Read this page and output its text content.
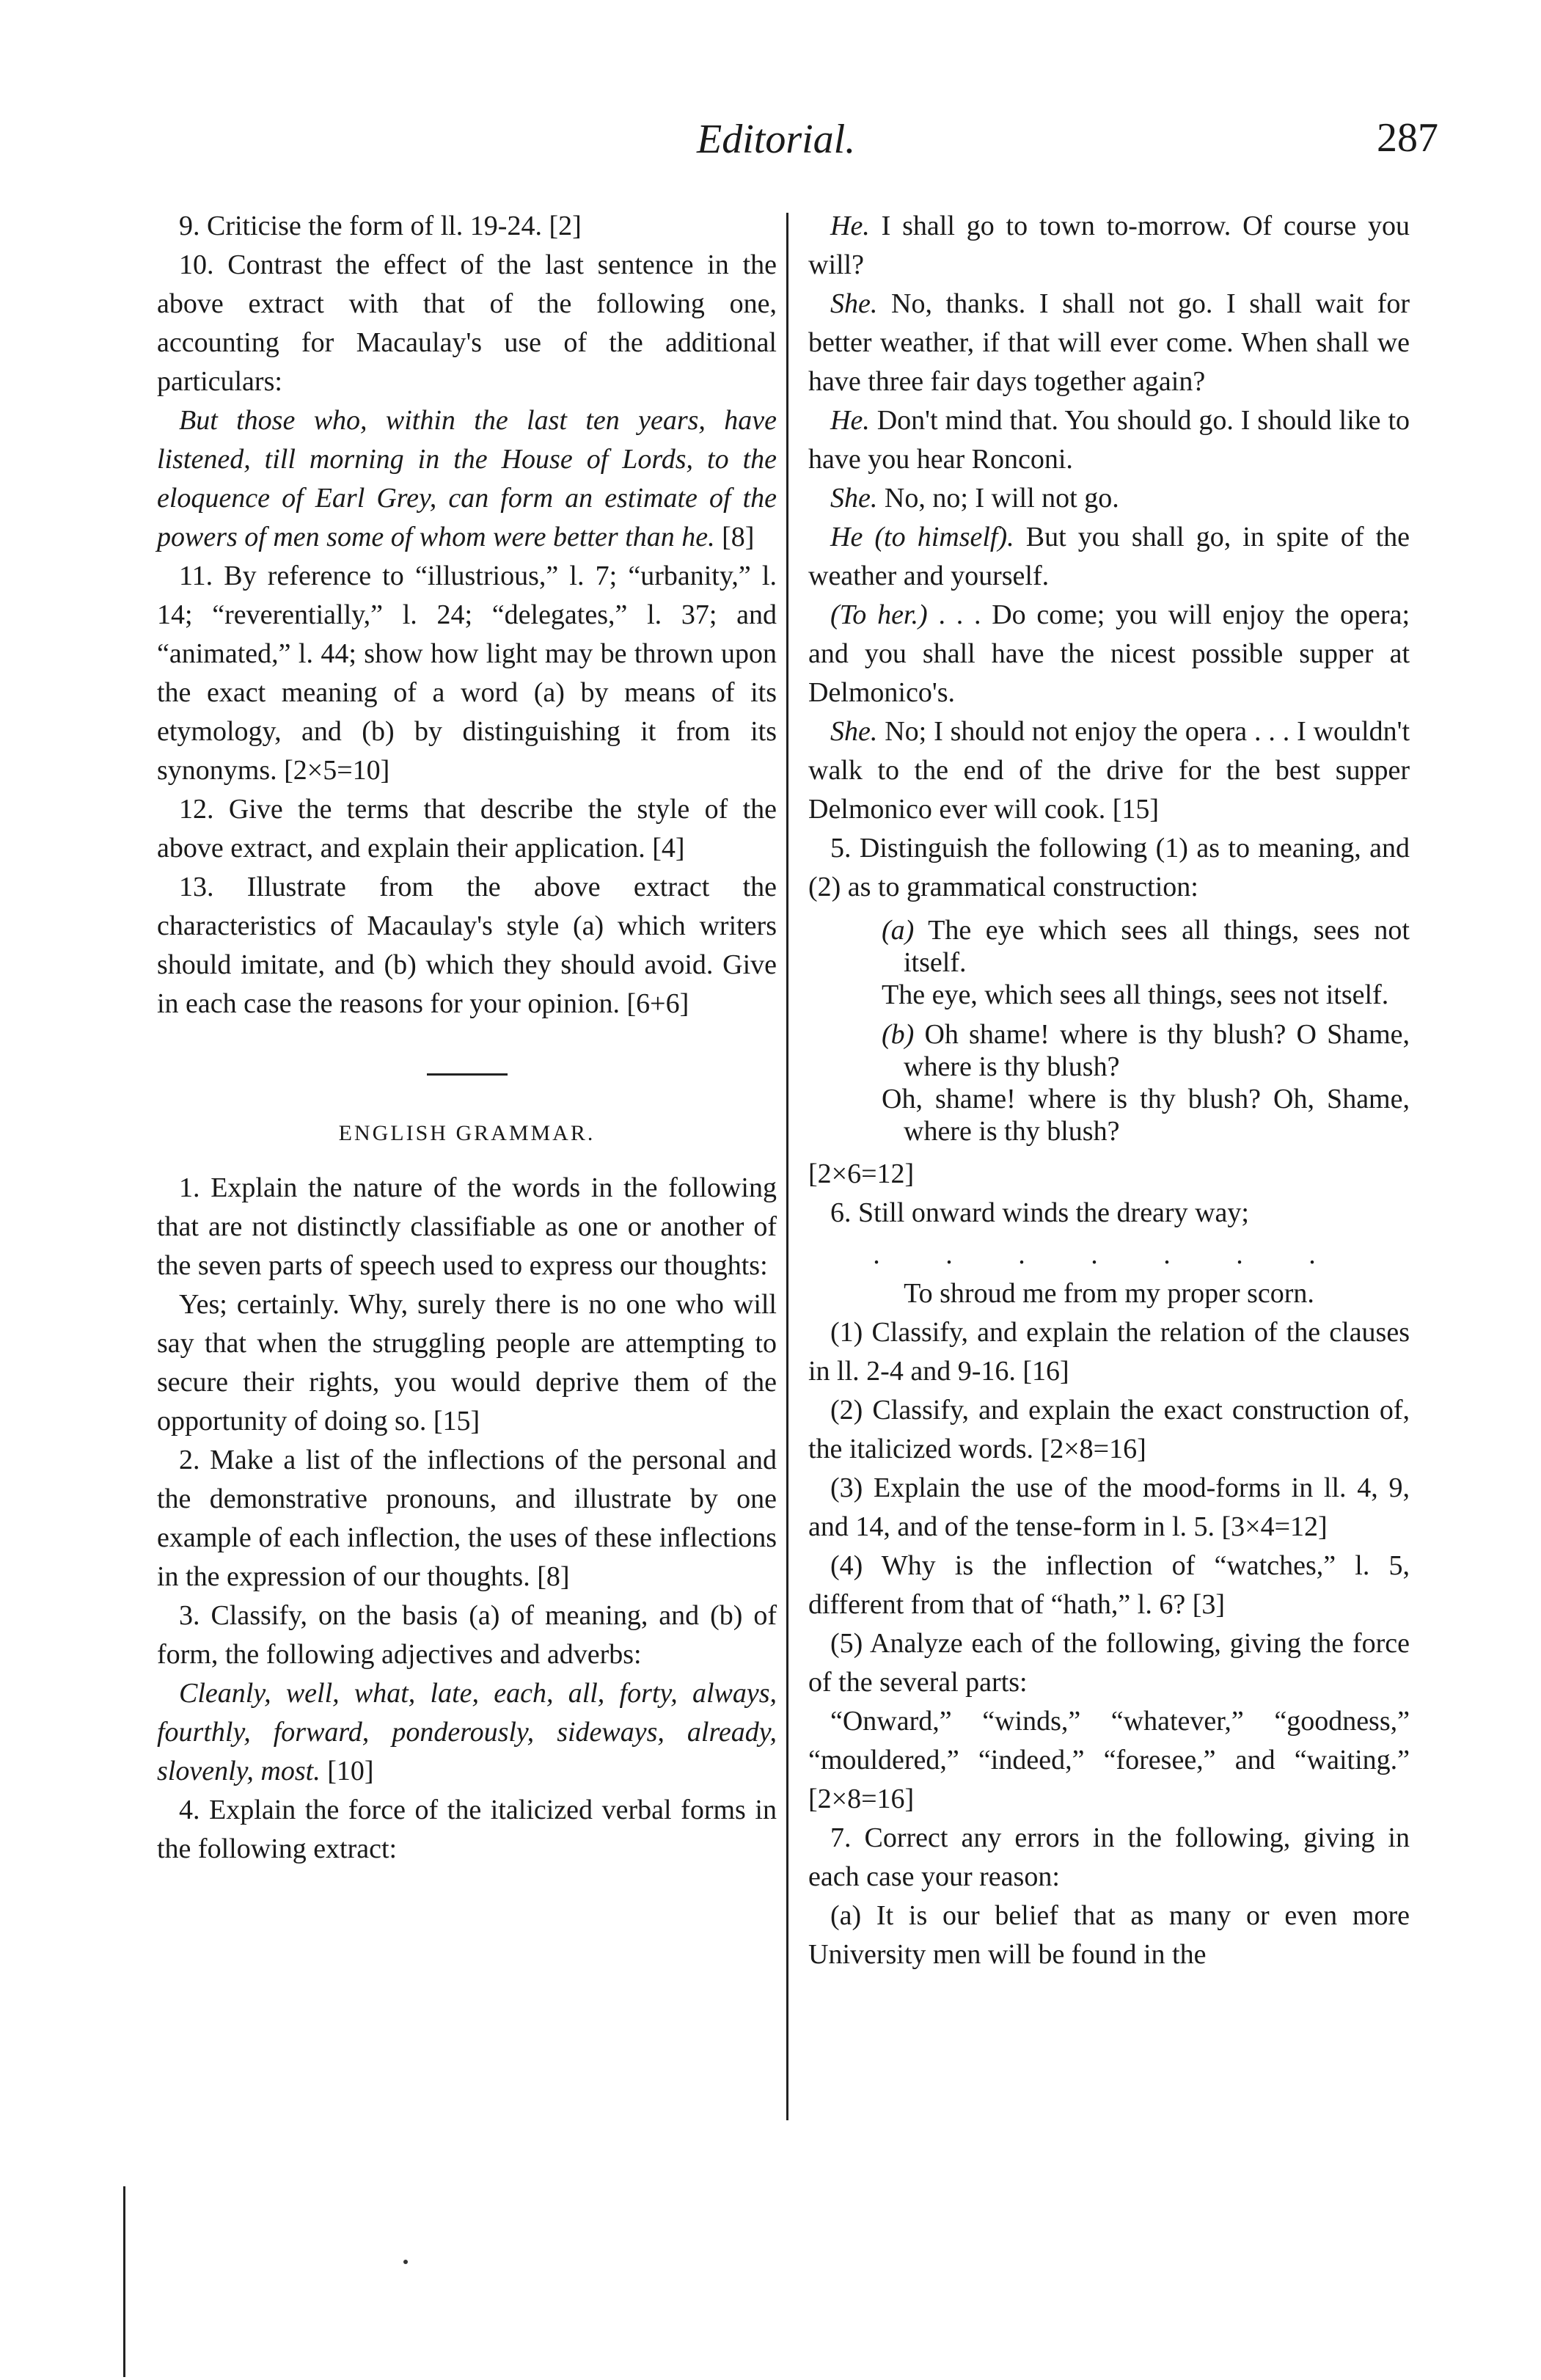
Editorial.	287

9. Criticise the form of ll. 19-24. [2]

10. Contrast the effect of the last sentence in the above extract with that of the following one, accounting for Macaulay's use of the additional particulars:

But those who, within the last ten years, have listened, till morning in the House of Lords, to the eloquence of Earl Grey, can form an estimate of the powers of men some of whom were better than he. [8]

11. By reference to “illustrious,” l. 7; “urbanity,” l. 14; “reverentially,” l. 24; “delegates,” l. 37; and “animated,” l. 44; show how light may be thrown upon the exact meaning of a word (a) by means of its etymology, and (b) by distinguishing it from its synonyms. [2×5=10]

12. Give the terms that describe the style of the above extract, and explain their application. [4]

13. Illustrate from the above extract the characteristics of Macaulay's style (a) which writers should imitate, and (b) which they should avoid. Give in each case the reasons for your opinion. [6+6]

ENGLISH GRAMMAR.

1. Explain the nature of the words in the following that are not distinctly classifiable as one or another of the seven parts of speech used to express our thoughts:

Yes; certainly. Why, surely there is no one who will say that when the struggling people are attempting to secure their rights, you would deprive them of the opportunity of doing so. [15]

2. Make a list of the inflections of the personal and the demonstrative pronouns, and illustrate by one example of each inflection, the uses of these inflections in the expression of our thoughts. [8]

3. Classify, on the basis (a) of meaning, and (b) of form, the following adjectives and adverbs:

Cleanly, well, what, late, each, all, forty, always, fourthly, forward, ponderously, sideways, already, slovenly, most. [10]

4. Explain the force of the italicized verbal forms in the following extract:

He. I shall go to town to-morrow. Of course you will?

She. No, thanks. I shall not go. I shall wait for better weather, if that will ever come. When shall we have three fair days together again?

He. Don't mind that. You should go. I should like to have you hear Ronconi.

She. No, no; I will not go.

He (to himself). But you shall go, in spite of the weather and yourself.

(To her.) . . . Do come; you will enjoy the opera; and you shall have the nicest possible supper at Delmonico's.

She. No; I should not enjoy the opera . . . I wouldn't walk to the end of the drive for the best supper Delmonico ever will cook. [15]

5. Distinguish the following (1) as to meaning, and (2) as to grammatical construction:

(a) The eye which sees all things, sees not itself.
The eye, which sees all things, sees not itself.
(b) Oh shame! where is thy blush? O Shame, where is thy blush?
Oh, shame! where is thy blush? Oh, Shame, where is thy blush?

[2×6=12]

6. Still onward winds the dreary way;

. . . . . . .

To shroud me from my proper scorn.

(1) Classify, and explain the relation of the clauses in ll. 2-4 and 9-16. [16]

(2) Classify, and explain the exact construction of, the italicized words. [2×8=16]

(3) Explain the use of the mood-forms in ll. 4, 9, and 14, and of the tense-form in l. 5. [3×4=12]

(4) Why is the inflection of “watches,” l. 5, different from that of “hath,” l. 6? [3]

(5) Analyze each of the following, giving the force of the several parts:

“Onward,” “winds,” “whatever,” “goodness,” “mouldered,” “indeed,” “foresee,” and “waiting.” [2×8=16]

7. Correct any errors in the following, giving in each case your reason:

(a) It is our belief that as many or even more University men will be found in the
